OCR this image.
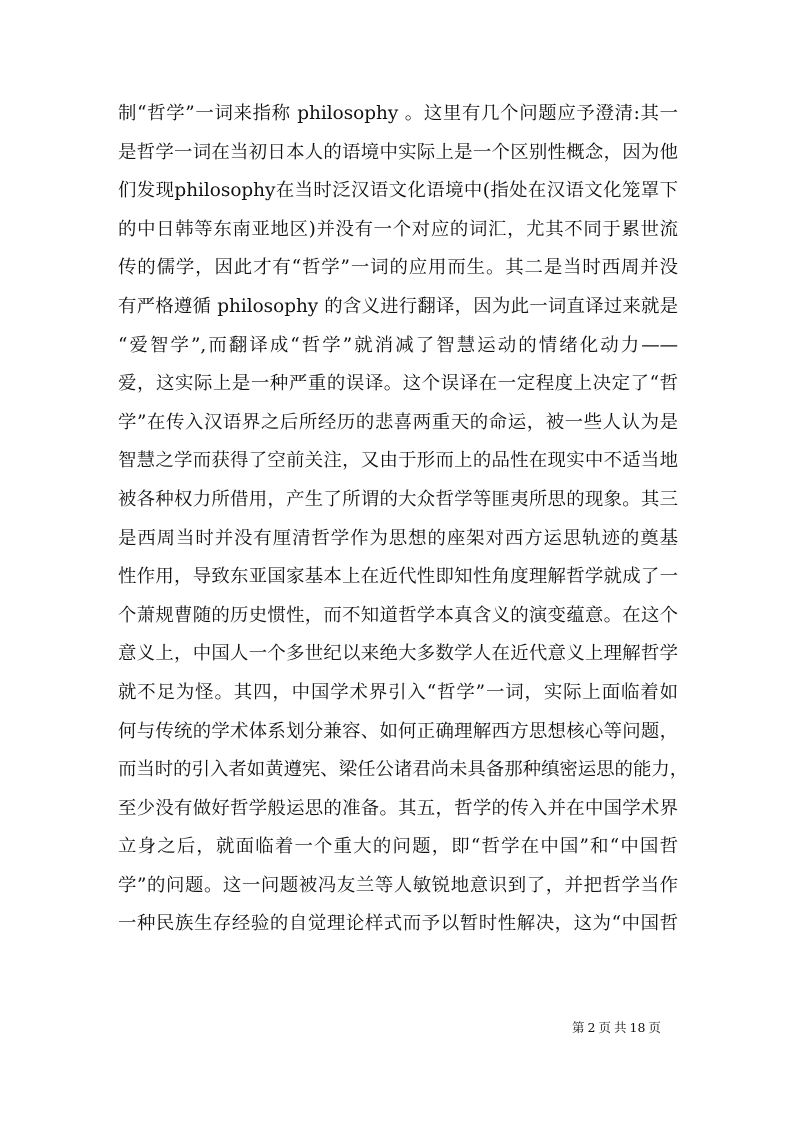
制“哲学”一词来指称 philosophy 。这里有几个问题应予澄清:其一
是哲学一词在当初日本人的语境中实际上是一个区别性概念，因为他
们发现philosophy在当时泛汉语文化语境中(指处在汉语文化笼罩下
的中日韩等东南亚地区)并没有一个对应的词汇，尤其不同于累世流
传的儒学，因此才有“哲学”一词的应用而生。其二是当时西周并没
有严格遵循 philosophy 的含义进行翻译，因为此一词直译过来就是
“爱智学”,而翻译成“哲学”就消减了智慧运动的情绪化动力——
爱，这实际上是一种严重的误译。这个误译在一定程度上决定了“哲
学”在传入汉语界之后所经历的悲喜两重天的命运，被一些人认为是
智慧之学而获得了空前关注，又由于形而上的品性在现实中不适当地
被各种权力所借用，产生了所谓的大众哲学等匪夷所思的现象。其三
是西周当时并没有厘清哲学作为思想的座架对西方运思轨迹的奠基
性作用，导致东亚国家基本上在近代性即知性角度理解哲学就成了一
个萧规曹随的历史惯性，而不知道哲学本真含义的演变蕴意。在这个
意义上，中国人一个多世纪以来绝大多数学人在近代意义上理解哲学
就不足为怪。其四，中国学术界引入“哲学”一词，实际上面临着如
何与传统的学术体系划分兼容、如何正确理解西方思想核心等问题，
而当时的引入者如黄遵宪、梁任公诸君尚未具备那种缜密运思的能力，
至少没有做好哲学般运思的准备。其五，哲学的传入并在中国学术界
立身之后，就面临着一个重大的问题，即“哲学在中国”和“中国哲
学”的问题。这一问题被冯友兰等人敏锐地意识到了，并把哲学当作
一种民族生存经验的自觉理论样式而予以暂时性解决，这为“中国哲
第 2 页 共 18 页
